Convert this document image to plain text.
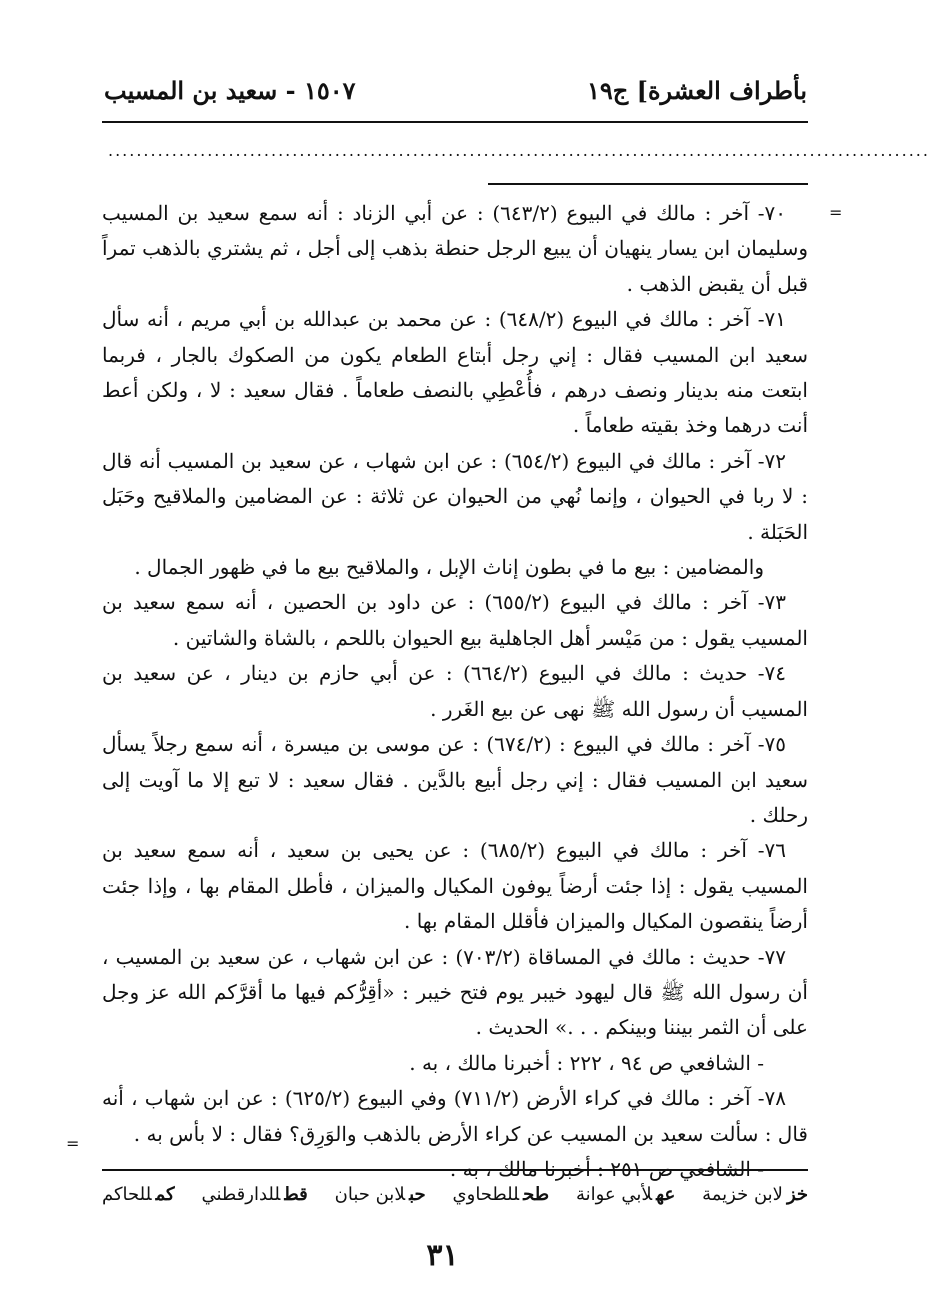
بأطراف العشرة] ج١٩
١٥٠٧ - سعيد بن المسيب
....................................................................................................................
=
=

٧٠- آخر : مالك في البيوع (٦٤٣/٢) : عن أبي الزناد : أنه سمع سعيد بن المسيب وسليمان ابن يسار ينهيان أن يبيع الرجل حنطة بذهب إلى أجل ، ثم يشتري بالذهب تمراً قبل أن يقبض الذهب .

٧١- آخر : مالك في البيوع (٦٤٨/٢) : عن محمد بن عبدالله بن أبي مريم ، أنه سأل سعيد ابن المسيب فقال : إني رجل أبتاع الطعام يكون من الصكوك بالجار ، فربما ابتعت منه بدينار ونصف درهم ، فأُعْطِي بالنصف طعاماً . فقال سعيد : لا ، ولكن أعط أنت درهما وخذ بقيته طعاماً .

٧٢- آخر : مالك في البيوع (٦٥٤/٢) : عن ابن شهاب ، عن سعيد بن المسيب أنه قال : لا ربا في الحيوان ، وإنما نُهي من الحيوان عن ثلاثة : عن المضامين والملاقيح وحَبَل الحَبَلة .

والمضامين : بيع ما في بطون إناث الإبل ، والملاقيح بيع ما في ظهور الجمال .

٧٣- آخر : مالك في البيوع (٦٥٥/٢) : عن داود بن الحصين ، أنه سمع سعيد بن المسيب يقول : من مَيْسر أهل الجاهلية بيع الحيوان باللحم ، بالشاة والشاتين .

٧٤- حديث : مالك في البيوع (٦٦٤/٢) : عن أبي حازم بن دينار ، عن سعيد بن المسيب أن رسول الله ﷺ نهى عن بيع الغَرر .

٧٥- آخر : مالك في البيوع : (٦٧٤/٢) : عن موسى بن ميسرة ، أنه سمع رجلاً يسأل سعيد ابن المسيب فقال : إني رجل أبيع بالدَّين . فقال سعيد : لا تبع إلا ما آويت إلى رحلك .

٧٦- آخر : مالك في البيوع (٦٨٥/٢) : عن يحيى بن سعيد ، أنه سمع سعيد بن المسيب يقول : إذا جئت أرضاً يوفون المكيال والميزان ، فأطل المقام بها ، وإذا جئت أرضاً ينقصون المكيال والميزان فأقلل المقام بها .

٧٧- حديث : مالك في المساقاة (٧٠٣/٢) : عن ابن شهاب ، عن سعيد بن المسيب ، أن رسول الله ﷺ قال ليهود خيبر يوم فتح خيبر : «أقِرُّكم فيها ما أقرَّكم الله عز وجل على أن الثمر بيننا وبينكم . . .» الحديث .

- الشافعي ص ٩٤ ، ٢٢٢ : أخبرنا مالك ، به .

٧٨- آخر : مالك في كراء الأرض (٧١١/٢) وفي البيوع (٦٢٥/٢) : عن ابن شهاب ، أنه قال : سألت سعيد بن المسيب عن كراء الأرض بالذهب والوَرِق؟ فقال : لا بأس به .

- الشافعي ص ٢٥١ : أخبرنا مالك ، به .

خزلابن خزيمة
عهلأبي عوانة
طحللطحاوي
حبلابن حبان
قطللدارقطني
كمللحاكم
٣١
